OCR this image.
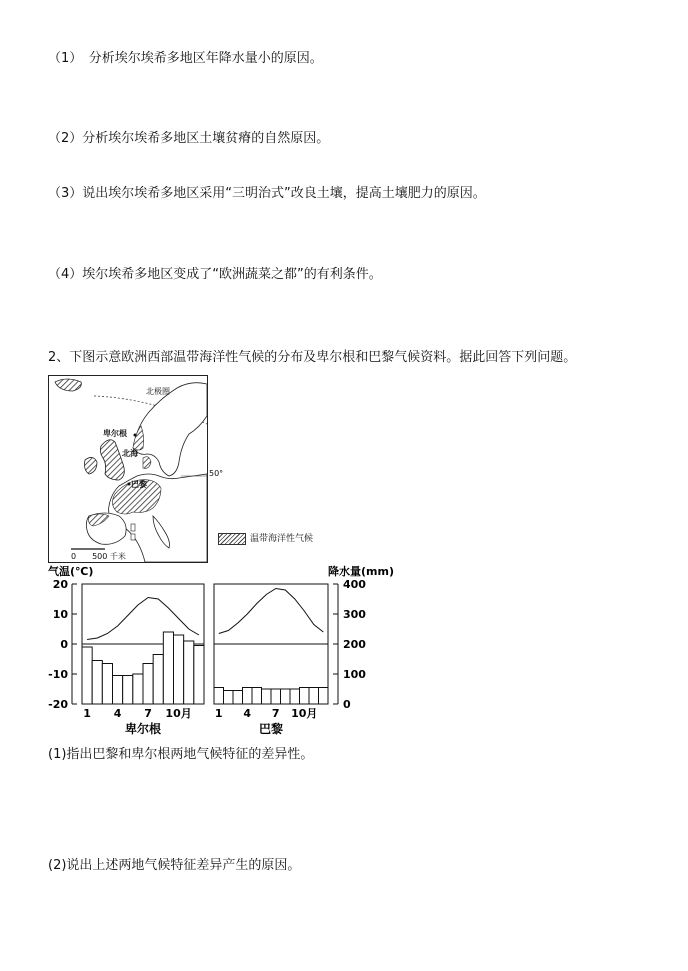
（1）　分析埃尔埃希多地区年降水量小的原因。
（2）分析埃尔埃希多地区土壤贫瘠的自然原因。
（3）说出埃尔埃希多地区采用“三明治式”改良土壤，提高土壤肥力的原因。
（4）埃尔埃希多地区变成了“欧洲蔬菜之都”的有利条件。
2、下图示意欧洲西部温带海洋性气候的分布及卑尔根和巴黎气候资料。据此回答下列问题。
北极圈
卑尔根
北海
巴黎
50°
0　　500 千米
温带海洋性气候
气温(℃)	降水量(mm)
20
10
0
-10
-20
400
300
200
100
0
1 4 7 10月
卑尔根
1 4 7 10月
巴黎
(1)指出巴黎和卑尔根两地气候特征的差异性。
(2)说出上述两地气候特征差异产生的原因。
